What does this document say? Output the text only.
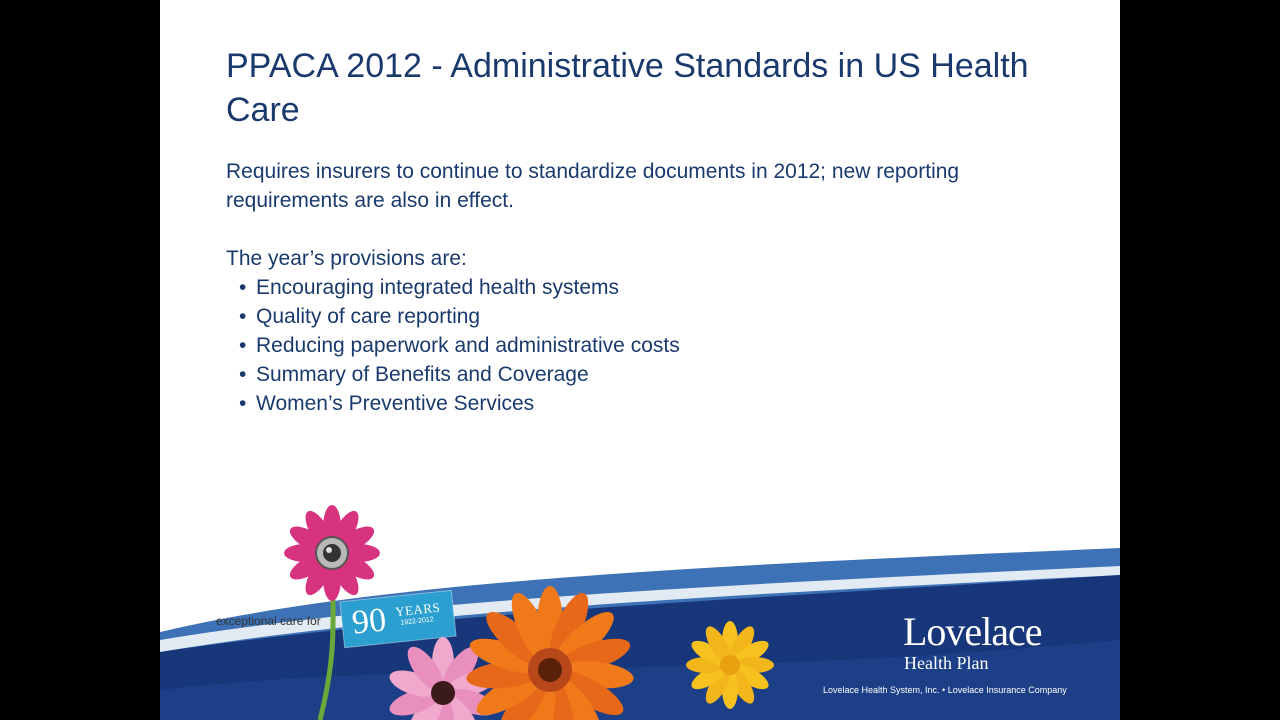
PPACA 2012 - Administrative Standards in US Health Care

Requires insurers to continue to standardize documents in 2012; new reporting requirements are also in effect.

The year’s provisions are:

• Encouraging integrated health systems
• Quality of care reporting
• Reducing paperwork and administrative costs
• Summary of Benefits and Coverage
• Women’s Preventive Services
exceptional care for 90 YEARS
1922-2012	Lovelace
Health Plan
Lovelace Health System, Inc. • Lovelace Insurance Company
